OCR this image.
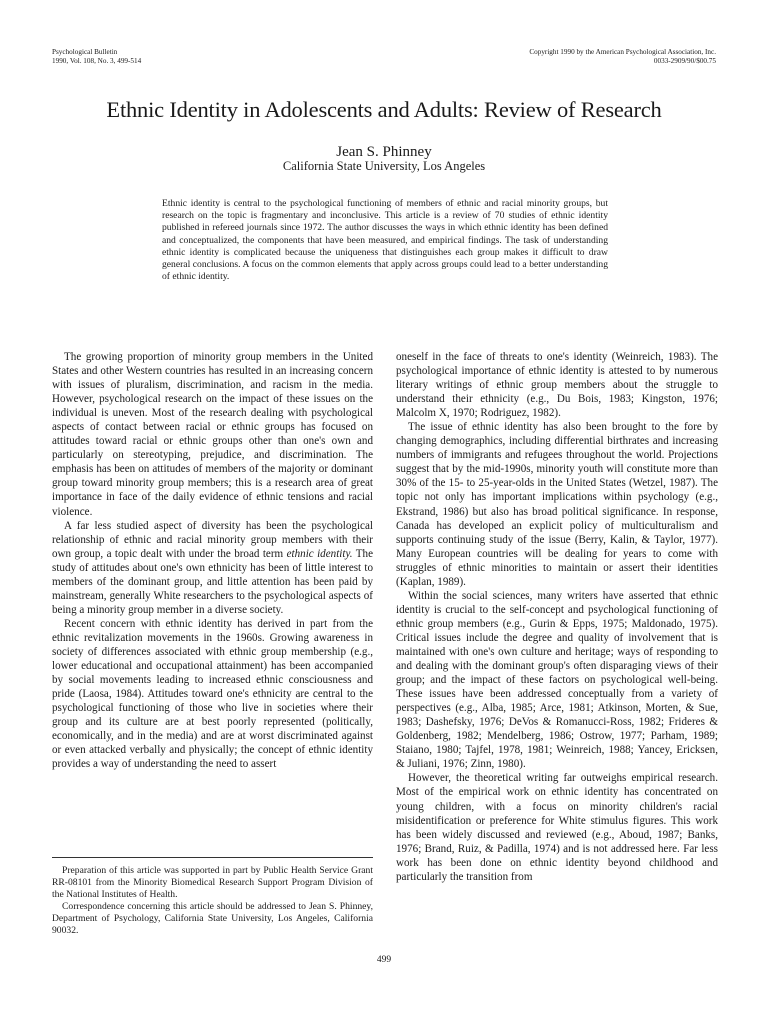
Psychological Bulletin
1990, Vol. 108, No. 3, 499-514
Copyright 1990 by the American Psychological Association, Inc.
0033-2909/90/$00.75
Ethnic Identity in Adolescents and Adults: Review of Research
Jean S. Phinney
California State University, Los Angeles
Ethnic identity is central to the psychological functioning of members of ethnic and racial minority groups, but research on the topic is fragmentary and inconclusive. This article is a review of 70 studies of ethnic identity published in refereed journals since 1972. The author discusses the ways in which ethnic identity has been defined and conceptualized, the components that have been measured, and empirical findings. The task of understanding ethnic identity is complicated because the uniqueness that distinguishes each group makes it difficult to draw general conclusions. A focus on the common elements that apply across groups could lead to a better understanding of ethnic identity.

The growing proportion of minority group members in the United States and other Western countries has resulted in an increasing concern with issues of pluralism, discrimination, and racism in the media. However, psychological research on the impact of these issues on the individual is uneven. Most of the research dealing with psychological aspects of contact between racial or ethnic groups has focused on attitudes toward racial or ethnic groups other than one's own and particularly on stereotyping, prejudice, and discrimination. The emphasis has been on attitudes of members of the majority or dominant group toward minority group members; this is a research area of great importance in face of the daily evidence of ethnic tensions and racial violence.

A far less studied aspect of diversity has been the psychological relationship of ethnic and racial minority group members with their own group, a topic dealt with under the broad term ethnic identity. The study of attitudes about one's own ethnicity has been of little interest to members of the dominant group, and little attention has been paid by mainstream, generally White researchers to the psychological aspects of being a minority group member in a diverse society.

Recent concern with ethnic identity has derived in part from the ethnic revitalization movements in the 1960s. Growing awareness in society of differences associated with ethnic group membership (e.g., lower educational and occupational attainment) has been accompanied by social movements leading to increased ethnic consciousness and pride (Laosa, 1984). Attitudes toward one's ethnicity are central to the psychological functioning of those who live in societies where their group and its culture are at best poorly represented (politically, economically, and in the media) and are at worst discriminated against or even attacked verbally and physically; the concept of ethnic identity provides a way of understanding the need to assert

oneself in the face of threats to one's identity (Weinreich, 1983). The psychological importance of ethnic identity is attested to by numerous literary writings of ethnic group members about the struggle to understand their ethnicity (e.g., Du Bois, 1983; Kingston, 1976; Malcolm X, 1970; Rodriguez, 1982).

The issue of ethnic identity has also been brought to the fore by changing demographics, including differential birthrates and increasing numbers of immigrants and refugees throughout the world. Projections suggest that by the mid-1990s, minority youth will constitute more than 30% of the 15- to 25-year-olds in the United States (Wetzel, 1987). The topic not only has important implications within psychology (e.g., Ekstrand, 1986) but also has broad political significance. In response, Canada has developed an explicit policy of multiculturalism and supports continuing study of the issue (Berry, Kalin, & Taylor, 1977). Many European countries will be dealing for years to come with struggles of ethnic minorities to maintain or assert their identities (Kaplan, 1989).

Within the social sciences, many writers have asserted that ethnic identity is crucial to the self-concept and psychological functioning of ethnic group members (e.g., Gurin & Epps, 1975; Maldonado, 1975). Critical issues include the degree and quality of involvement that is maintained with one's own culture and heritage; ways of responding to and dealing with the dominant group's often disparaging views of their group; and the impact of these factors on psychological well-being. These issues have been addressed conceptually from a variety of perspectives (e.g., Alba, 1985; Arce, 1981; Atkinson, Morten, & Sue, 1983; Dashefsky, 1976; DeVos & Romanucci-Ross, 1982; Frideres & Goldenberg, 1982; Mendelberg, 1986; Ostrow, 1977; Parham, 1989; Staiano, 1980; Tajfel, 1978, 1981; Weinreich, 1988; Yancey, Ericksen, & Juliani, 1976; Zinn, 1980).

However, the theoretical writing far outweighs empirical research. Most of the empirical work on ethnic identity has concentrated on young children, with a focus on minority children's racial misidentification or preference for White stimulus figures. This work has been widely discussed and reviewed (e.g., Aboud, 1987; Banks, 1976; Brand, Ruiz, & Padilla, 1974) and is not addressed here. Far less work has been done on ethnic identity beyond childhood and particularly the transition from

Preparation of this article was supported in part by Public Health Service Grant RR-08101 from the Minority Biomedical Research Support Program Division of the National Institutes of Health.

Correspondence concerning this article should be addressed to Jean S. Phinney, Department of Psychology, California State University, Los Angeles, California 90032.

499
